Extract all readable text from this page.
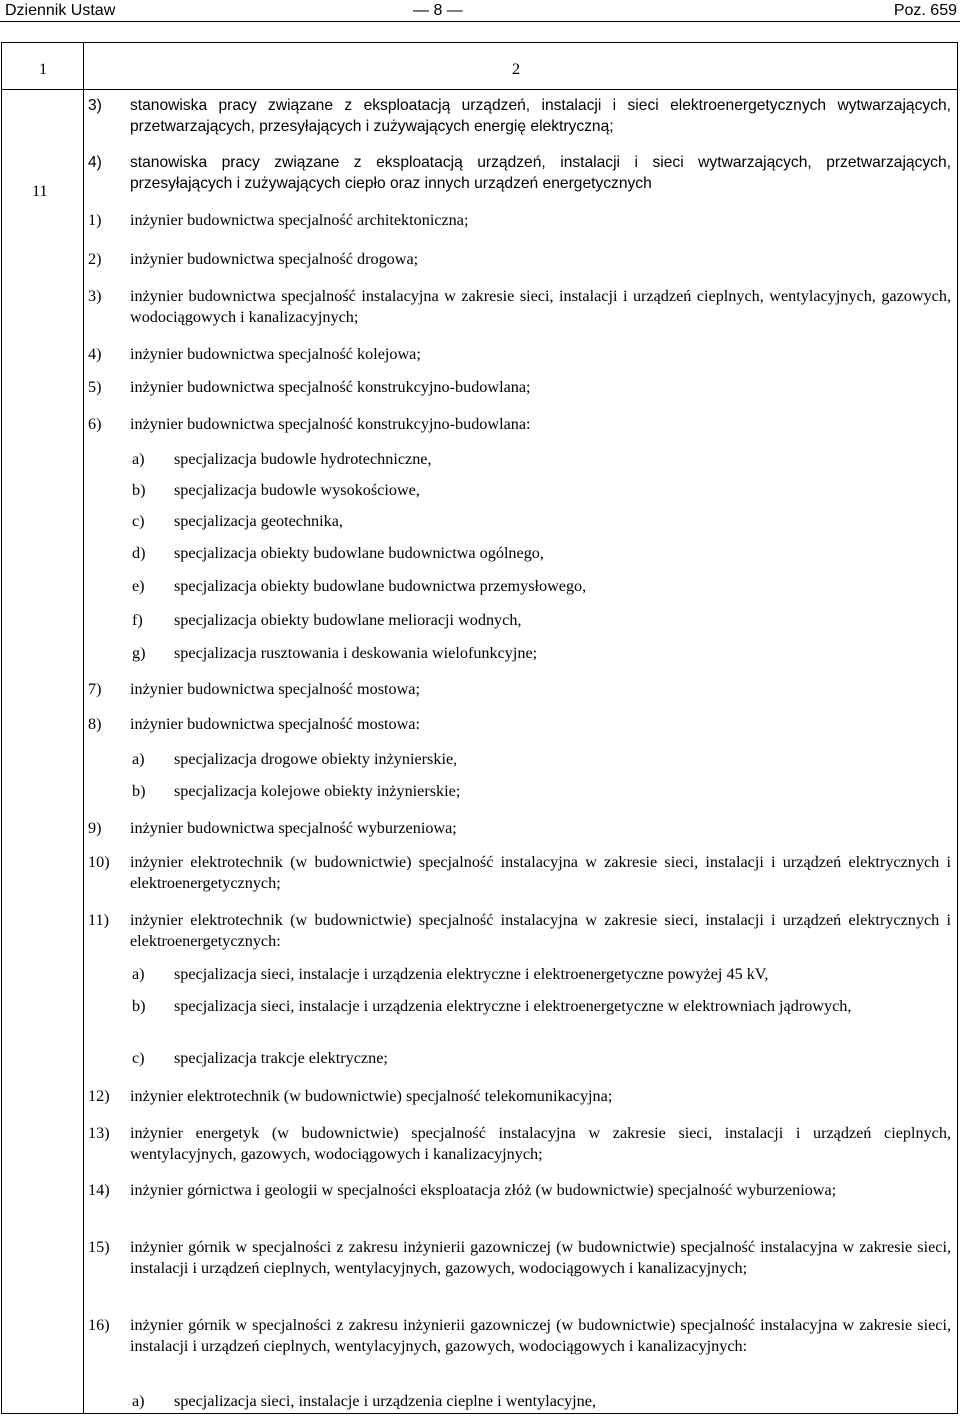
Dziennik Ustaw	— 8 —	Poz. 659
1	2
11
3) stanowiska pracy związane z eksploatacją urządzeń, instalacji i sieci elektroenergetycznych wytwarzających, przetwarzających, przesyłających i zużywających energię elektryczną;
4) stanowiska pracy związane z eksploatacją urządzeń, instalacji i sieci wytwarzających, przetwarzających, przesyłających i zużywających ciepło oraz innych urządzeń energetycznych
1) inżynier budownictwa specjalność architektoniczna;
2) inżynier budownictwa specjalność drogowa;
3) inżynier budownictwa specjalność instalacyjna w zakresie sieci, instalacji i urządzeń cieplnych, wentylacyjnych, gazowych, wodociągowych i kanalizacyjnych;
4) inżynier budownictwa specjalność kolejowa;
5) inżynier budownictwa specjalność konstrukcyjno-budowlana;
6) inżynier budownictwa specjalność konstrukcyjno-budowlana:
a) specjalizacja budowle hydrotechniczne,
b) specjalizacja budowle wysokościowe,
c) specjalizacja geotechnika,
d) specjalizacja obiekty budowlane budownictwa ogólnego,
e) specjalizacja obiekty budowlane budownictwa przemysłowego,
f) specjalizacja obiekty budowlane melioracji wodnych,
g) specjalizacja rusztowania i deskowania wielofunkcyjne;
7) inżynier budownictwa specjalność mostowa;
8) inżynier budownictwa specjalność mostowa:
a) specjalizacja drogowe obiekty inżynierskie,
b) specjalizacja kolejowe obiekty inżynierskie;
9) inżynier budownictwa specjalność wyburzeniowa;
10) inżynier elektrotechnik (w budownictwie) specjalność instalacyjna w zakresie sieci, instalacji i urządzeń elektrycznych i elektroenergetycznych;
11) inżynier elektrotechnik (w budownictwie) specjalność instalacyjna w zakresie sieci, instalacji i urządzeń elektrycznych i elektroenergetycznych:
a) specjalizacja sieci, instalacje i urządzenia elektryczne i elektroenergetyczne powyżej 45 kV,
b) specjalizacja sieci, instalacje i urządzenia elektryczne i elektroenergetyczne w elektrowniach jądrowych,
c) specjalizacja trakcje elektryczne;
12) inżynier elektrotechnik (w budownictwie) specjalność telekomunikacyjna;
13) inżynier energetyk (w budownictwie) specjalność instalacyjna w zakresie sieci, instalacji i urządzeń cieplnych, wentylacyjnych, gazowych, wodociągowych i kanalizacyjnych;
14) inżynier górnictwa i geologii w specjalności eksploatacja złóż (w budownictwie) specjalność wyburzeniowa;
15) inżynier górnik w specjalności z zakresu inżynierii gazowniczej (w budownictwie) specjalność instalacyjna w zakresie sieci, instalacji i urządzeń cieplnych, wentylacyjnych, gazowych, wodociągowych i kanalizacyjnych;
16) inżynier górnik w specjalności z zakresu inżynierii gazowniczej (w budownictwie) specjalność instalacyjna w zakresie sieci, instalacji i urządzeń cieplnych, wentylacyjnych, gazowych, wodociągowych i kanalizacyjnych:
a) specjalizacja sieci, instalacje i urządzenia cieplne i wentylacyjne,
